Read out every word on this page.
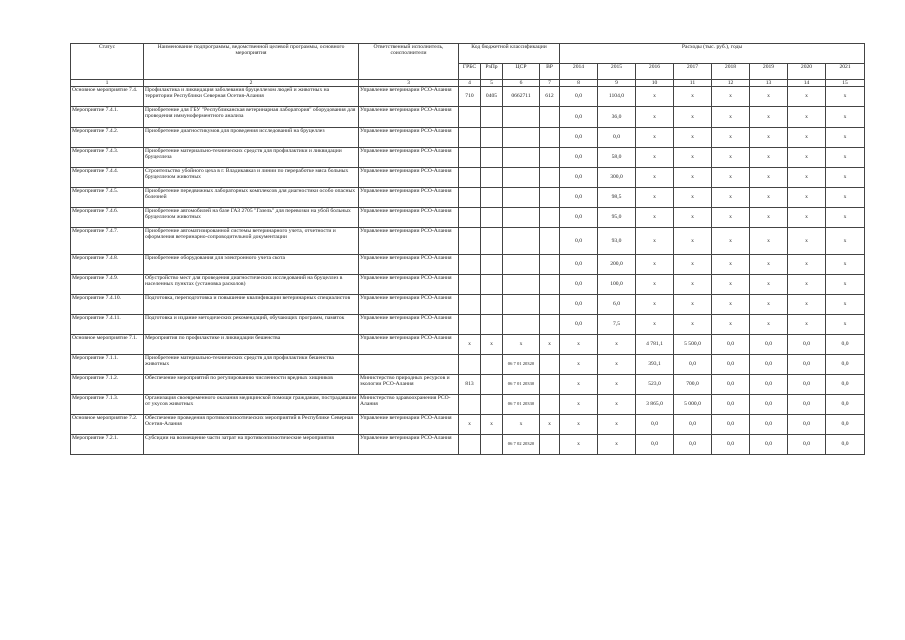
Статус	Наименование подпрограммы, ведомственной целевой программы, основного мероприятия	Ответственный исполнитель, соисполнители	Код бюджетной классификации				Расходы (тыс. руб.), годы							
			ГРБС	РзПр	ЦСР	ВР	2014	2015	2016	2017	2018	2019	2020	2021
1	2	3	4	5	6	7	8	9	10	11	12	13	14	15
Основное мероприятие 7.4.	Профилактика и ликвидация заболевания бруцеллезом людей и животных на территории Республики Северная Осетия-Алания	Управление ветеринарии РСО-Алания	710	0405	0662711	612	0,0	1104,0	х	х	х	х	х	х
Мероприятие 7.4.1.	Приобретение для ГБУ "Республиканская ветеринарная лаборатория" оборудования для проведения иммуноферментного анализа	Управление ветеринарии РСО-Алания					0,0	36,0	х	х	х	х	х	х
Мероприятие 7.4.2.	Приобретение диагностикумов для проведения исследований на бруцеллез	Управление ветеринарии РСО-Алания					0,0	0,0	х	х	х	х	х	х
Мероприятие 7.4.3.	Приобретение материально-технических средств для профилактики и ликвидации бруцеллеза	Управление ветеринарии РСО-Алания					0,0	58,0	х	х	х	х	х	х
Мероприятие 7.4.4.	Строительство убойного цеха в г. Владикавказ и линии по переработке мяса больных бруцеллезом животных	Управление ветеринарии РСО-Алания					0,0	300,0	х	х	х	х	х	х
Мероприятие 7.4.5.	Приобретение передвижных лабораторных комплексов для диагностики особо опасных болезней	Управление ветеринарии РСО-Алания					0,0	98,5	х	х	х	х	х	х
Мероприятие 7.4.6.	Приобретение автомобилей на базе ГАЗ 2705 "Газель" для перевозки на убой больных бруцеллезом животных	Управление ветеринарии РСО-Алания					0,0	95,0	х	х	х	х	х	х
Мероприятие 7.4.7.	Приобретение автоматизированной системы ветеринарного учета, отчетности и оформления ветеринарно-сопроводительной документации	Управление ветеринарии РСО-Алания					0,0	93,0	х	х	х	х	х	х
Мероприятие 7.4.8.	Приобретение оборудования для электронного учета скота	Управление ветеринарии РСО-Алания					0,0	200,0	х	х	х	х	х	х
Мероприятие 7.4.9.	Обустройство мест для проведения диагностических исследований на бруцеллез в населенных пунктах (установка расколов)	Управление ветеринарии РСО-Алания					0,0	100,0	х	х	х	х	х	х
Мероприятие 7.4.10.	Подготовка, переподготовка и повышение квалификации ветеринарных специалистов	Управление ветеринарии РСО-Алания					0,0	6,0	х	х	х	х	х	х
Мероприятие 7.4.11.	Подготовка и издание методических рекомендаций, обучающих программ, памяток	Управление ветеринарии РСО-Алания					0,0	7,5	х	х	х	х	х	х
Основное мероприятие 7.1.	Мероприятия по профилактике и ликвидации бешенства	Управление ветеринарии РСО-Алания	х	х	х	х	х	х	4 781,1	5 500,0	0,0	0,0	0,0	0,0
Мероприятие 7.1.1.	Приобретение материально-технических средств для профилактики бешенства животных				06 7 01 20320		х	х	393,1	0,0	0,0	0,0	0,0	0,0
Мероприятие 7.1.2.	Обеспечение мероприятий по регулированию численности вредных хищников	Министерство природных ресурсов и экологии РСО-Алания	813		06 7 01 20330		х	х	523,0	700,0	0,0	0,0	0,0	0,0
Мероприятие 7.1.3.	Организация своевременного оказания медицинской помощи гражданам, пострадавшим от укусов животных	Министерство здравоохранения РСО-Алания			06 7 01 20330		х	х	3 865,0	5 000,0	0,0	0,0	0,0	0,0
Основное мероприятие 7.2.	Обеспечение проведения противоэпизоотических мероприятий в Республике Северная Осетия-Алания	Управление ветеринарии РСО-Алания	х	х	х	х	х	х	0,0	0,0	0,0	0,0	0,0	0,0
Мероприятие 7.2.1.	Субсидии на возмещение части затрат на противоэпизоотические мероприятия	Управление ветеринарии РСО-Алания			06 7 02 20320		х	х	0,0	0,0	0,0	0,0	0,0	0,0
